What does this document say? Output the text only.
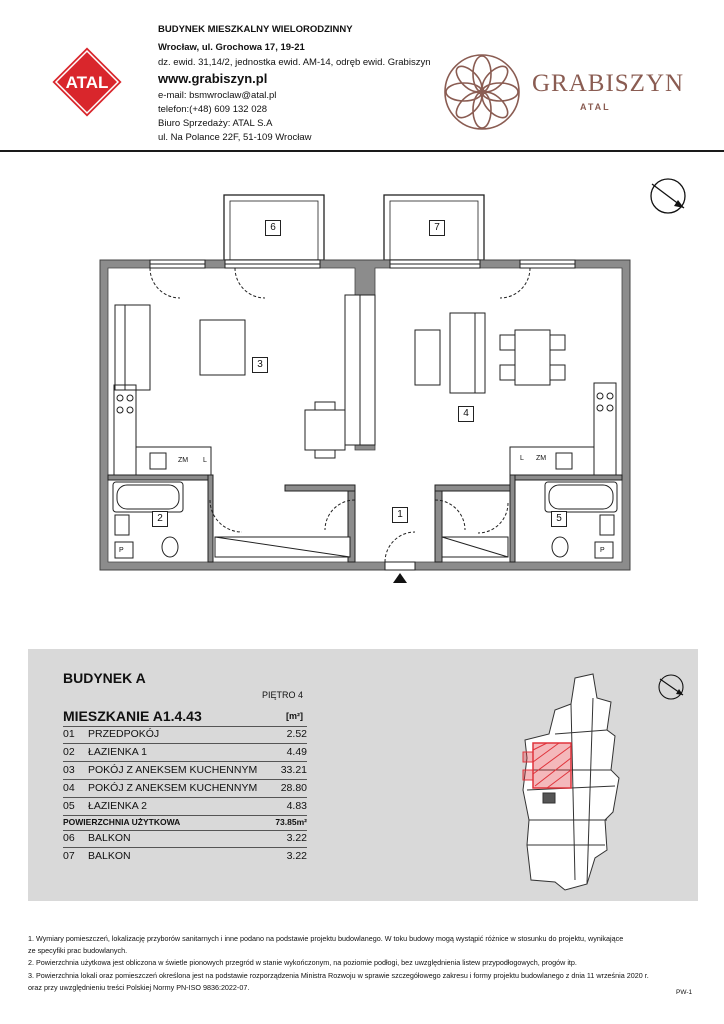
ATAL
BUDYNEK MIESZKALNY WIELORODZINNY
Wrocław, ul. Grochowa 17, 19-21
dz. ewid. 31,14/2, jednostka ewid. AM-14, odręb ewid. Grabiszyn
www.grabiszyn.pl
e-mail: bsmwroclaw@atal.pl
telefon:(+48) 609 132 028
Biuro Sprzedaży: ATAL S.A
ul. Na Polance 22F, 51-109 Wrocław
GRABISZYN
ATAL
1
2
3
4
5
6	7
ZM L	L ZM
P	P
BUDYNEK A
PIĘTRO 4
MIESZKANIE A1.4.43	[m²]
01 PRZEDPOKÓJ	2.52
02 ŁAZIENKA 1	4.49
03 POKÓJ Z ANEKSEM KUCHENNYM 33.21
04 POKÓJ Z ANEKSEM KUCHENNYM 28.80
05 ŁAZIENKA 2	4.83
POWIERZCHNIA UŻYTKOWA	73.85m²
06 BALKON	3.22
07 BALKON	3.22
1. Wymiary pomieszczeń, lokalizację przyborów sanitarnych i inne podano na podstawie projektu budowlanego. W toku budowy mogą wystąpić różnice w stosunku do projektu, wynikające
ze specyfiki prac budowlanych.
2. Powierzchnia użytkowa jest obliczona w świetle pionowych przegród w stanie wykończonym, na poziomie podłogi, bez uwzględnienia listew przypodłogowych, progów itp.
3. Powierzchnia lokali oraz pomieszczeń określona jest na podstawie rozporządzenia Ministra Rozwoju w sprawie szczegółowego zakresu i formy projektu budowlanego z dnia 11 września 2020 r.
oraz przy uwzględnieniu treści Polskiej Normy PN-ISO 9836:2022-07.
PW-1
